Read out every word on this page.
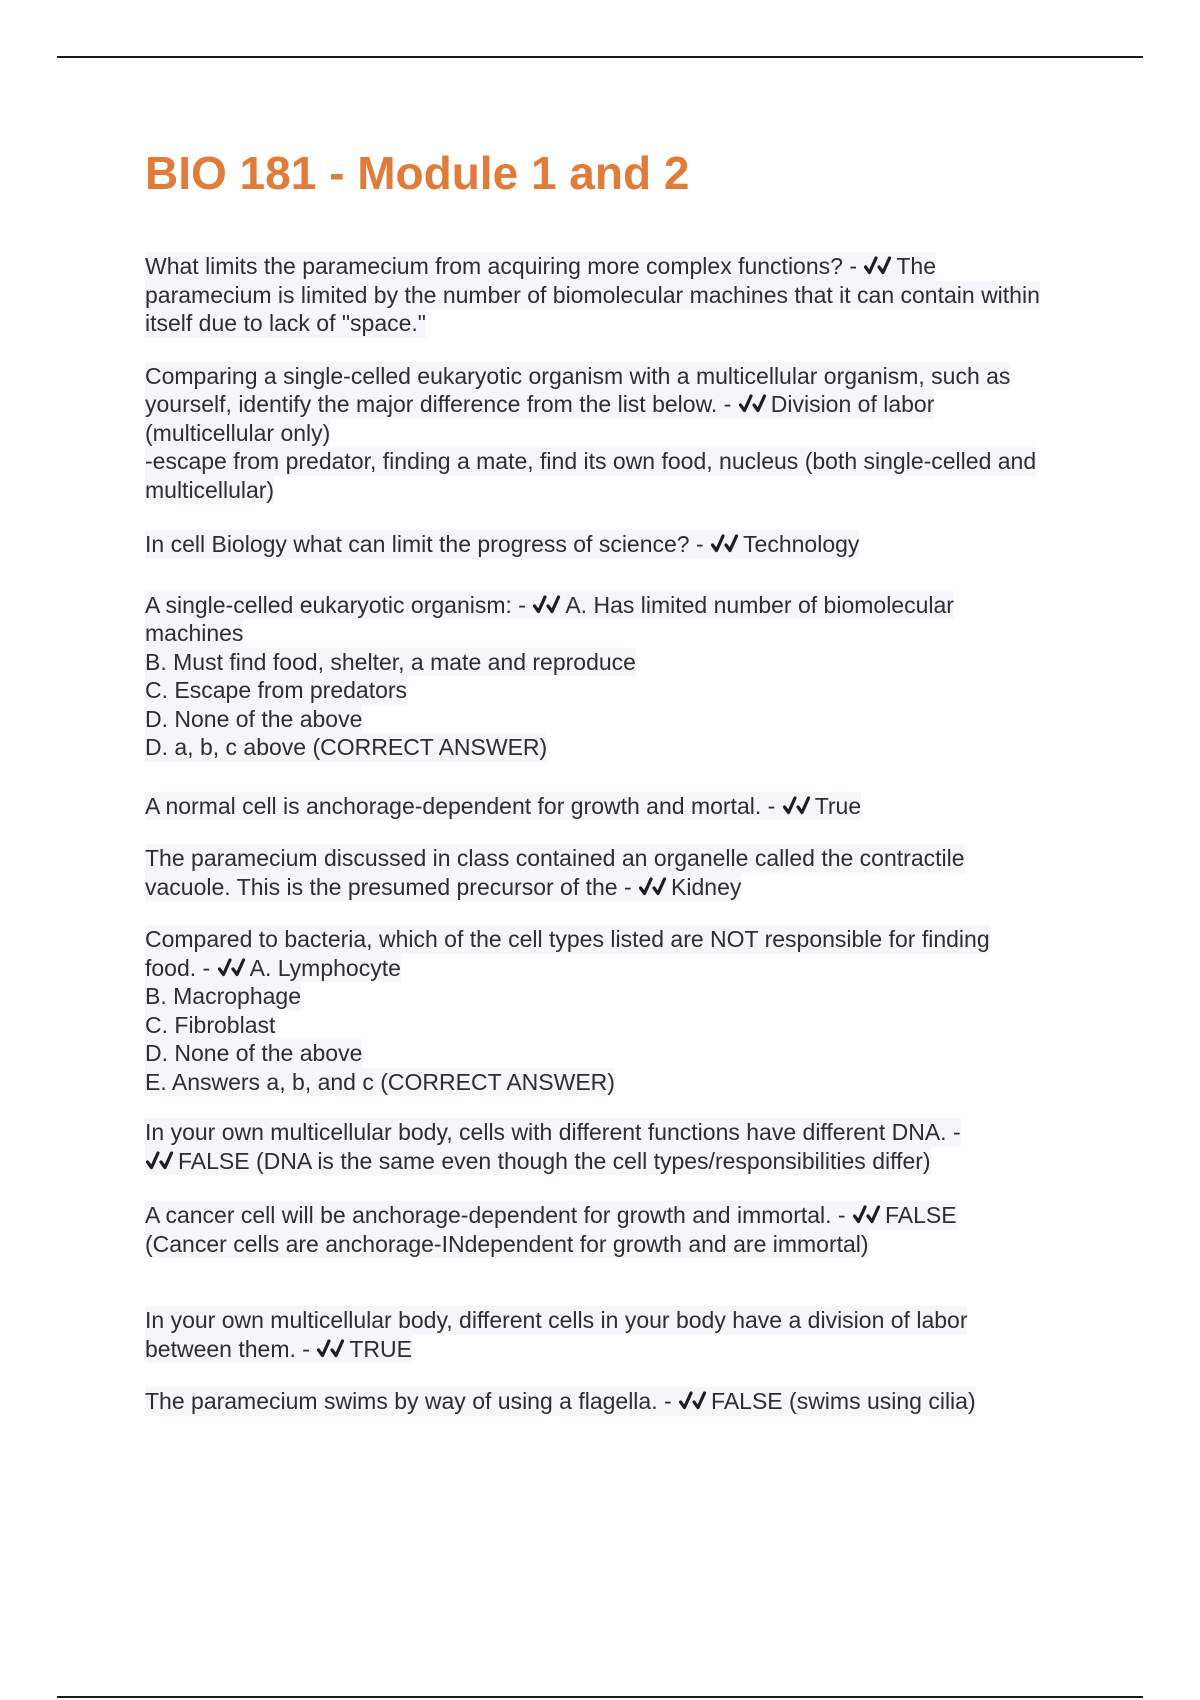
BIO 181 - Module 1 and 2
What limits the paramecium from acquiring more complex functions? - The
paramecium is limited by the number of biomolecular machines that it can contain within
itself due to lack of "space."
Comparing a single-celled eukaryotic organism with a multicellular organism, such as
yourself, identify the major difference from the list below. - Division of labor
(multicellular only)
-escape from predator, finding a mate, find its own food, nucleus (both single-celled and
multicellular)
In cell Biology what can limit the progress of science? - Technology
A single-celled eukaryotic organism: - A. Has limited number of biomolecular
machines
B. Must find food, shelter, a mate and reproduce
C. Escape from predators
D. None of the above
D. a, b, c above (CORRECT ANSWER)
A normal cell is anchorage-dependent for growth and mortal. - True
The paramecium discussed in class contained an organelle called the contractile
vacuole. This is the presumed precursor of the - Kidney
Compared to bacteria, which of the cell types listed are NOT responsible for finding
food. - A. Lymphocyte
B. Macrophage
C. Fibroblast
D. None of the above
E. Answers a, b, and c (CORRECT ANSWER)
In your own multicellular body, cells with different functions have different DNA. -
FALSE (DNA is the same even though the cell types/responsibilities differ)
A cancer cell will be anchorage-dependent for growth and immortal. - FALSE
(Cancer cells are anchorage-INdependent for growth and are immortal)
In your own multicellular body, different cells in your body have a division of labor
between them. - TRUE
The paramecium swims by way of using a flagella. - FALSE (swims using cilia)
